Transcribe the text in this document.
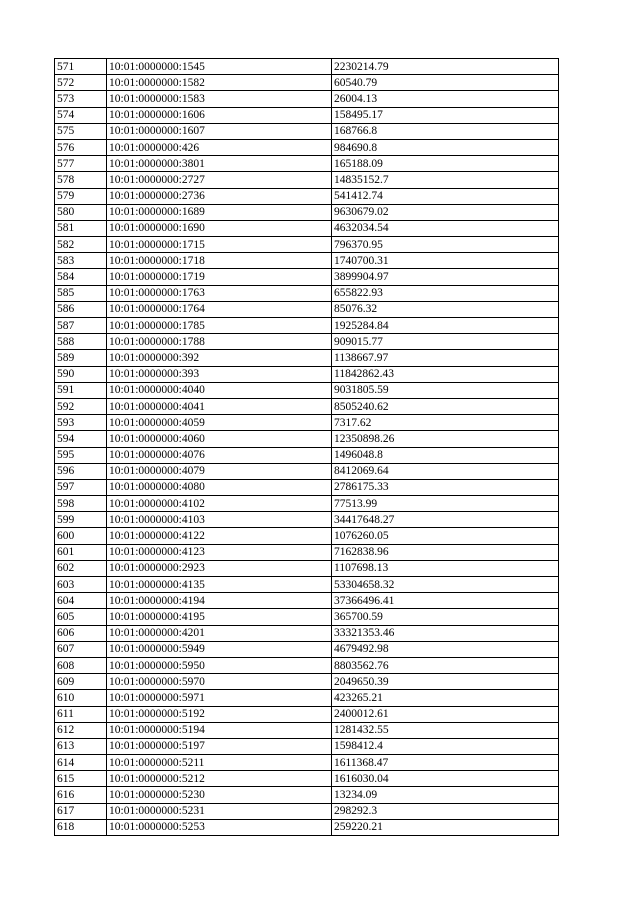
571	10:01:0000000:1545	2230214.79
572	10:01:0000000:1582	60540.79
573	10:01:0000000:1583	26004.13
574	10:01:0000000:1606	158495.17
575	10:01:0000000:1607	168766.8
576	10:01:0000000:426	984690.8
577	10:01:0000000:3801	165188.09
578	10:01:0000000:2727	14835152.7
579	10:01:0000000:2736	541412.74
580	10:01:0000000:1689	9630679.02
581	10:01:0000000:1690	4632034.54
582	10:01:0000000:1715	796370.95
583	10:01:0000000:1718	1740700.31
584	10:01:0000000:1719	3899904.97
585	10:01:0000000:1763	655822.93
586	10:01:0000000:1764	85076.32
587	10:01:0000000:1785	1925284.84
588	10:01:0000000:1788	909015.77
589	10:01:0000000:392	1138667.97
590	10:01:0000000:393	11842862.43
591	10:01:0000000:4040	9031805.59
592	10:01:0000000:4041	8505240.62
593	10:01:0000000:4059	7317.62
594	10:01:0000000:4060	12350898.26
595	10:01:0000000:4076	1496048.8
596	10:01:0000000:4079	8412069.64
597	10:01:0000000:4080	2786175.33
598	10:01:0000000:4102	77513.99
599	10:01:0000000:4103	34417648.27
600	10:01:0000000:4122	1076260.05
601	10:01:0000000:4123	7162838.96
602	10:01:0000000:2923	1107698.13
603	10:01:0000000:4135	53304658.32
604	10:01:0000000:4194	37366496.41
605	10:01:0000000:4195	365700.59
606	10:01:0000000:4201	33321353.46
607	10:01:0000000:5949	4679492.98
608	10:01:0000000:5950	8803562.76
609	10:01:0000000:5970	2049650.39
610	10:01:0000000:5971	423265.21
611	10:01:0000000:5192	2400012.61
612	10:01:0000000:5194	1281432.55
613	10:01:0000000:5197	1598412.4
614	10:01:0000000:5211	1611368.47
615	10:01:0000000:5212	1616030.04
616	10:01:0000000:5230	13234.09
617	10:01:0000000:5231	298292.3
618	10:01:0000000:5253	259220.21
